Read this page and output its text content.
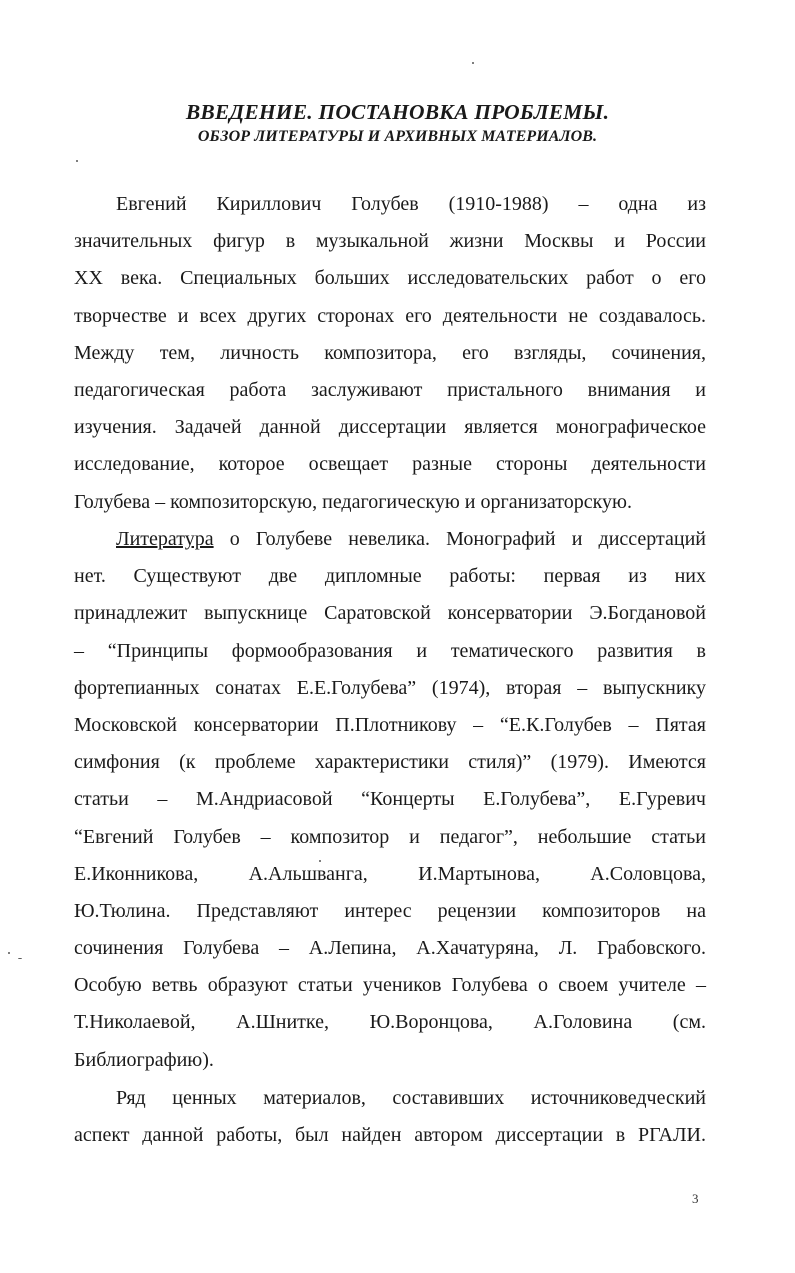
ВВЕДЕНИЕ. ПОСТАНОВКА ПРОБЛЕМЫ.
ОБЗОР ЛИТЕРАТУРЫ И АРХИВНЫХ МАТЕРИАЛОВ.
Евгений Кириллович Голубев (1910-1988) – одна из
значительных фигур в музыкальной жизни Москвы и России
XX века. Специальных больших исследовательских работ о его
творчестве и всех других сторонах его деятельности не создавалось.
Между тем, личность композитора, его взгляды, сочинения,
педагогическая работа заслуживают пристального внимания и
изучения. Задачей данной диссертации является монографическое
исследование, которое освещает разные стороны деятельности
Голубева – композиторскую, педагогическую и организаторскую.
Литература о Голубеве невелика. Монографий и диссертаций
нет. Существуют две дипломные работы: первая из них
принадлежит выпускнице Саратовской консерватории Э.Богдановой
– “Принципы формообразования и тематического развития в
фортепианных сонатах Е.Е.Голубева” (1974), вторая – выпускнику
Московской консерватории П.Плотникову – “Е.К.Голубев – Пятая
симфония (к проблеме характеристики стиля)” (1979). Имеются
статьи – М.Андриасовой “Концерты Е.Голубева”, Е.Гуревич
“Евгений Голубев – композитор и педагог”, небольшие статьи
Е.Иконникова, А.Альшванга, И.Мартынова, А.Соловцова,
Ю.Тюлина. Представляют интерес рецензии композиторов на
сочинения Голубева – А.Лепина, А.Хачатуряна, Л. Грабовского.
Особую ветвь образуют статьи учеников Голубева о своем учителе –
Т.Николаевой, А.Шнитке, Ю.Воронцова, А.Головина (см.
Библиографию).
Ряд ценных материалов, составивших источниковедческий
аспект данной работы, был найден автором диссертации в РГАЛИ.
3
